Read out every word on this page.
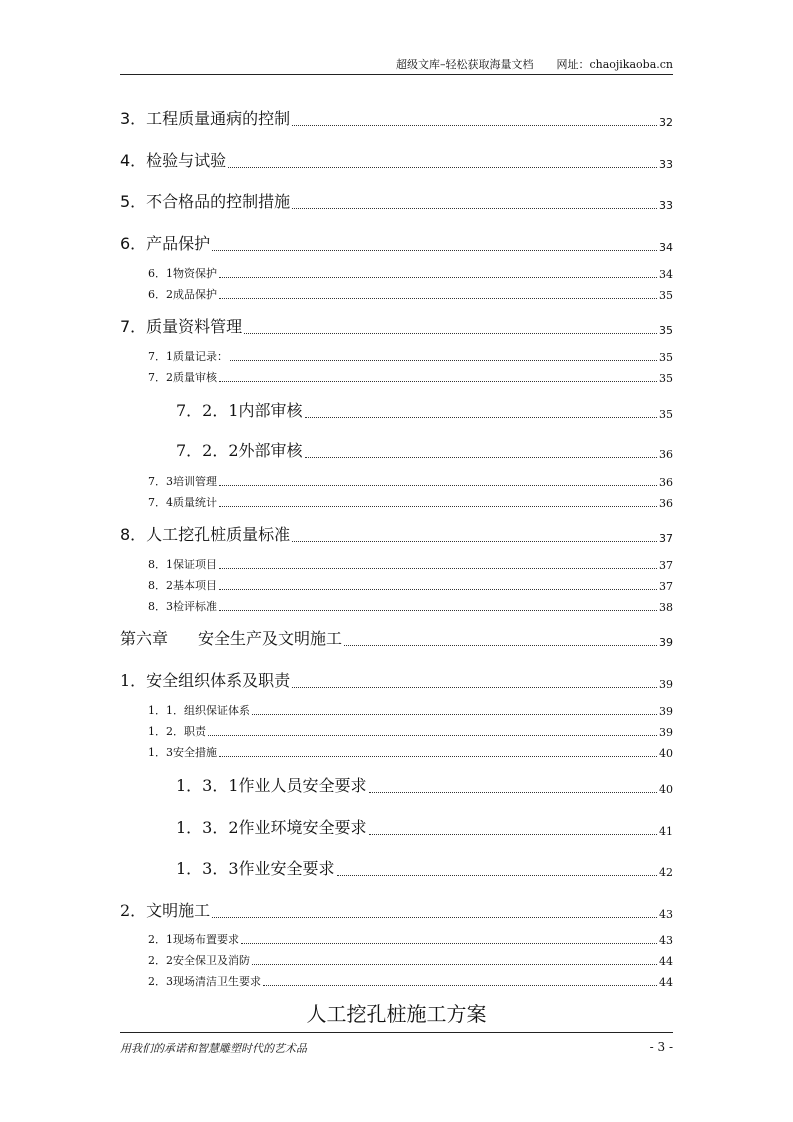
超级文库–轻松获取海量文档 网址：chaojikaoba.cn
3．工程质量通病的控制	32
4．检验与试验	33
5．不合格品的控制措施	33
6．产品保护	34
6．1物资保护	34
6．2成品保护	35
7．质量资料管理	35
7．1质量记录：	35
7．2质量审核	35
7．2．1内部审核	35
7．2．2外部审核	36
7．3培训管理	36
7．4质量统计	36
8．人工挖孔桩质量标准	37
8．1保证项目	37
8．2基本项目	37
8．3检评标准	38
第六章 安全生产及文明施工	39
1．安全组织体系及职责	39
1．1．组织保证体系	39
1．2．职责	39
1．3安全措施	40
1．3．1作业人员安全要求	40
1．3．2作业环境安全要求	41
1．3．3作业安全要求	42
2．文明施工	43
2．1现场布置要求	43
2．2安全保卫及消防	44
2．3现场清洁卫生要求	44
人工挖孔桩施工方案
用我们的承诺和智慧雕塑时代的艺术品	- 3 -
